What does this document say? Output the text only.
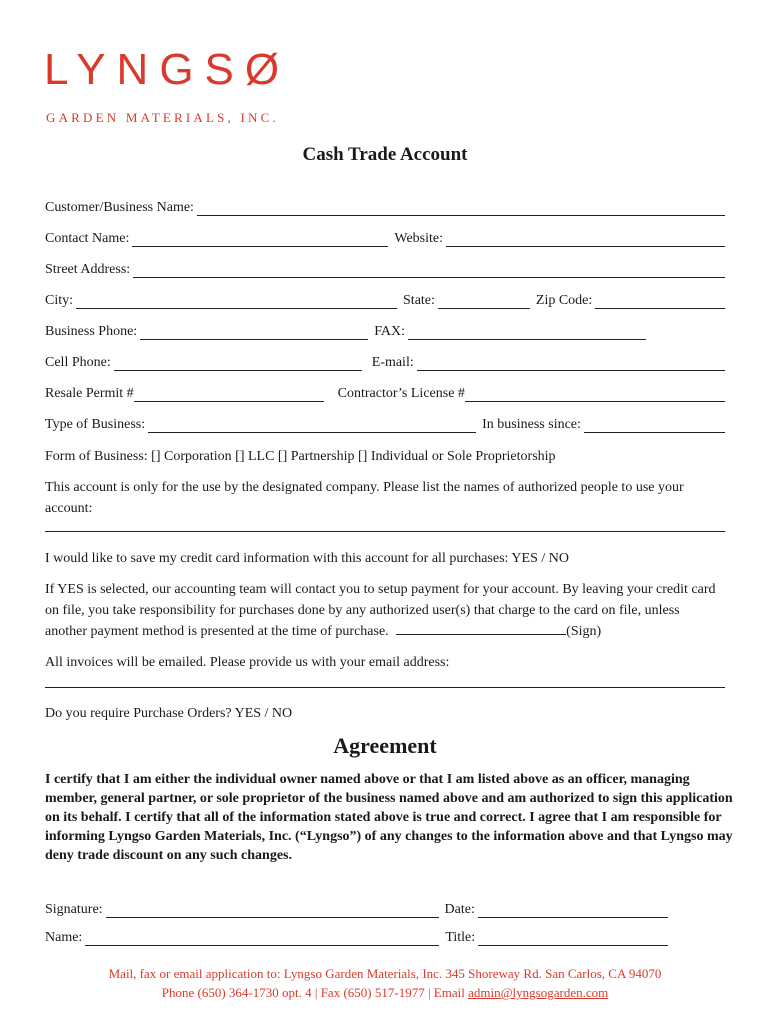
LYNGSØ
GARDEN MATERIALS, INC.
Cash Trade Account
Customer/Business Name:
Contact Name:	Website:
Street Address:
City:	State:	Zip Code:
Business Phone:	FAX:
Cell Phone:	E-mail:
Resale Permit #	Contractor’s License #
Type of Business:	In business since:
Form of Business: [] Corporation [] LLC [] Partnership [] Individual or Sole Proprietorship
This account is only for the use by the designated company. Please list the names of authorized people to use your account:
I would like to save my credit card information with this account for all purchases: YES / NO
If YES is selected, our accounting team will contact you to setup payment for your account. By leaving your credit card on file, you take responsibility for purchases done by any authorized user(s) that charge to the card on file, unless another payment method is presented at the time of purchase.	(Sign)
All invoices will be emailed. Please provide us with your email address:
Do you require Purchase Orders? YES / NO
Agreement
I certify that I am either the individual owner named above or that I am listed above as an officer, managing member, general partner, or sole proprietor of the business named above and am authorized to sign this application on its behalf. I certify that all of the information stated above is true and correct. I agree that I am responsible for informing Lyngso Garden Materials, Inc. (“Lyngso”) of any changes to the information above and that Lyngso may deny trade discount on any such changes.
Signature:	Date:
Name:	Title:
Mail, fax or email application to: Lyngso Garden Materials, Inc. 345 Shoreway Rd. San Carlos, CA 94070
Phone (650) 364-1730 opt. 4 | Fax (650) 517-1977 | Email admin@lyngsogarden.com
